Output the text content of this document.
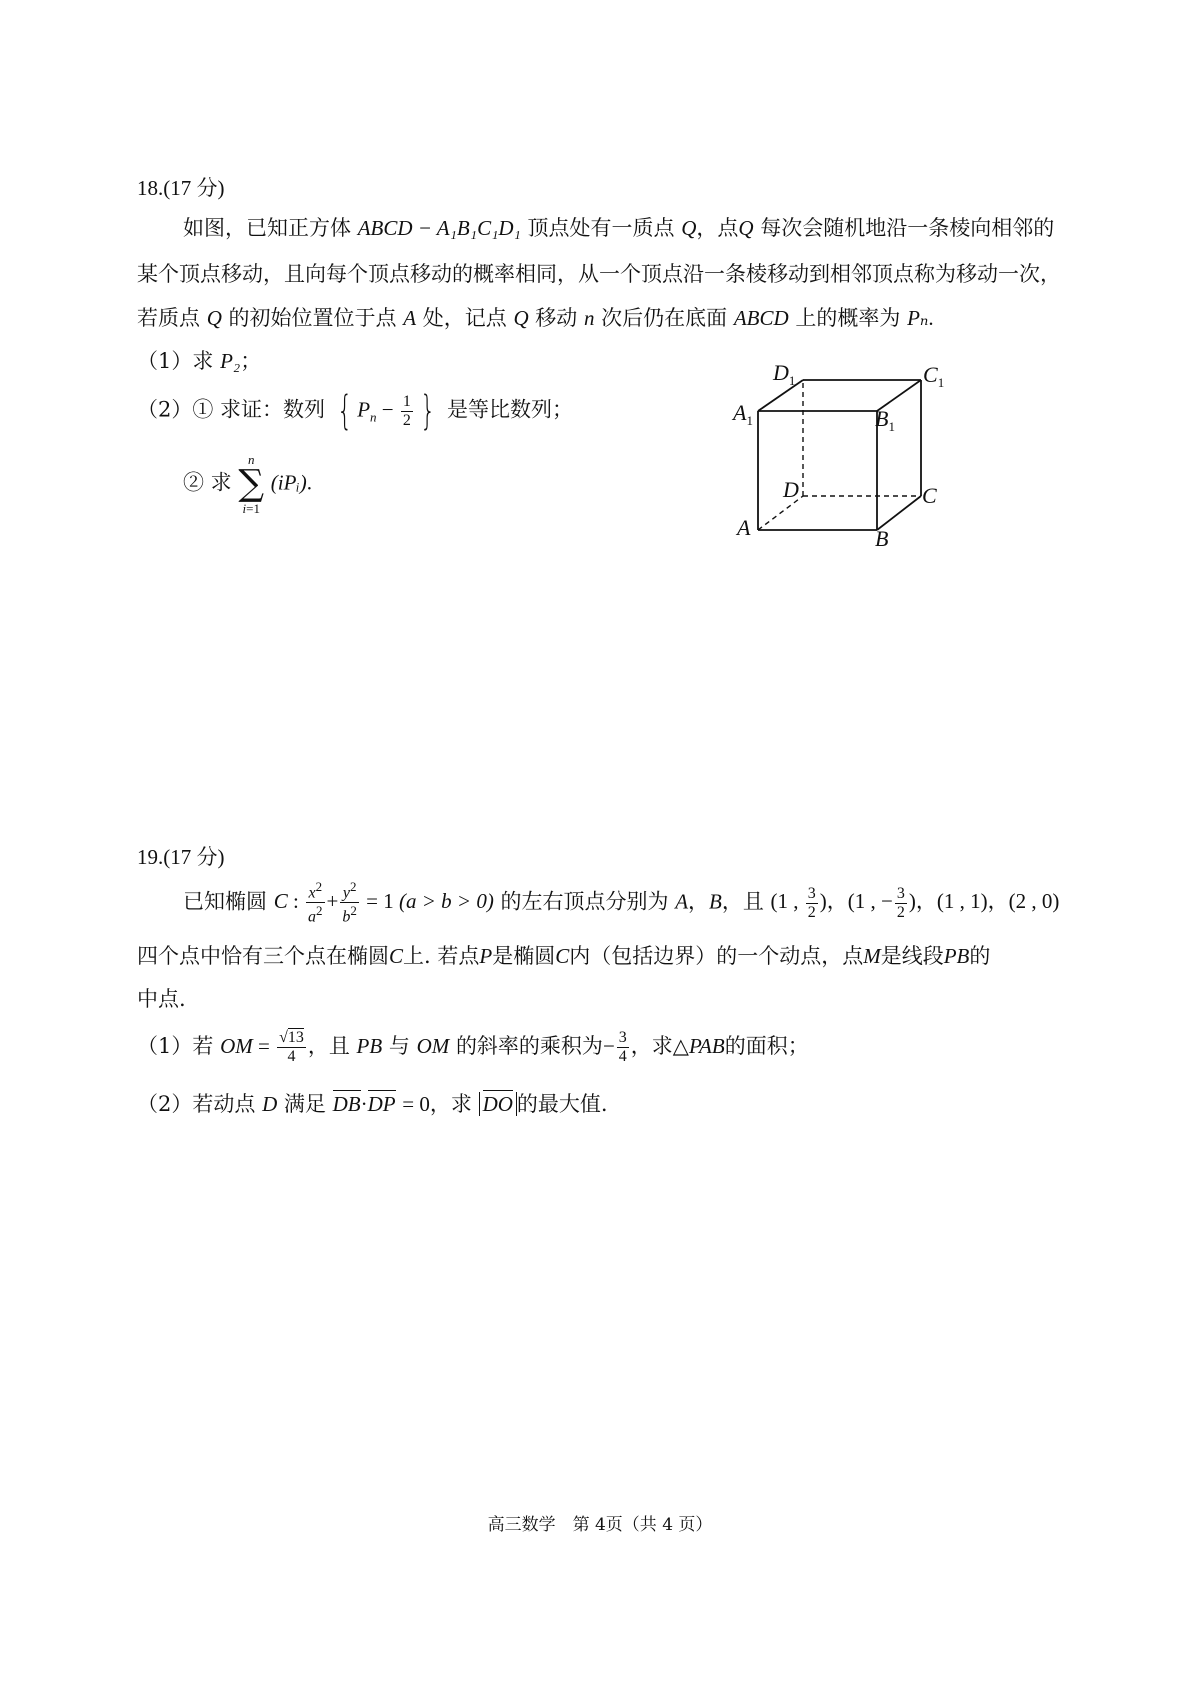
18.(17 分)
如图，已知正方体 ABCD − A₁B₁C₁D₁ 顶点处有一质点 Q，点Q 每次会随机地沿一条棱向相邻的
某个顶点移动，且向每个顶点移动的概率相同，从一个顶点沿一条棱移动到相邻顶点称为移动一次，
若质点 Q 的初始位置位于点 A 处，记点 Q 移动 n 次后仍在底面 ABCD 上的概率为 Pₙ.
（1）求 P₂；
（2）① 求证：数列 { $P_n - \frac{1}{2}$ } 是等比数列；
② 求
n
∑
i=1
(iPᵢ).
$D_1$	$C_1$
$A_1$	$B_1$
D	C
A	B
19.(17 分)
已知椭圆 C : $\frac{x^2}{a^2} + \frac{y^2}{b^2} = 1$ (a > b > 0) 的左右顶点分别为 A，B，且 (1 , $\frac{3}{2}$ )，(1 , − $\frac{3}{2}$ )，(1 , 1)，(2 , 0)
四个点中恰有三个点在椭圆C上. 若点P是椭圆C内（包括边界）的一个动点，点M是线段PB的
中点.
（1）若 OM = $\frac{√13}{4}$ ，且 PB 与 OM 的斜率的乘积为− $\frac{3}{4}$ ，求△PAB的面积；
（2）若动点 D 满足 DB·DP = 0，求 DO 的最大值.
高三数学　第 4页（共 4 页）
